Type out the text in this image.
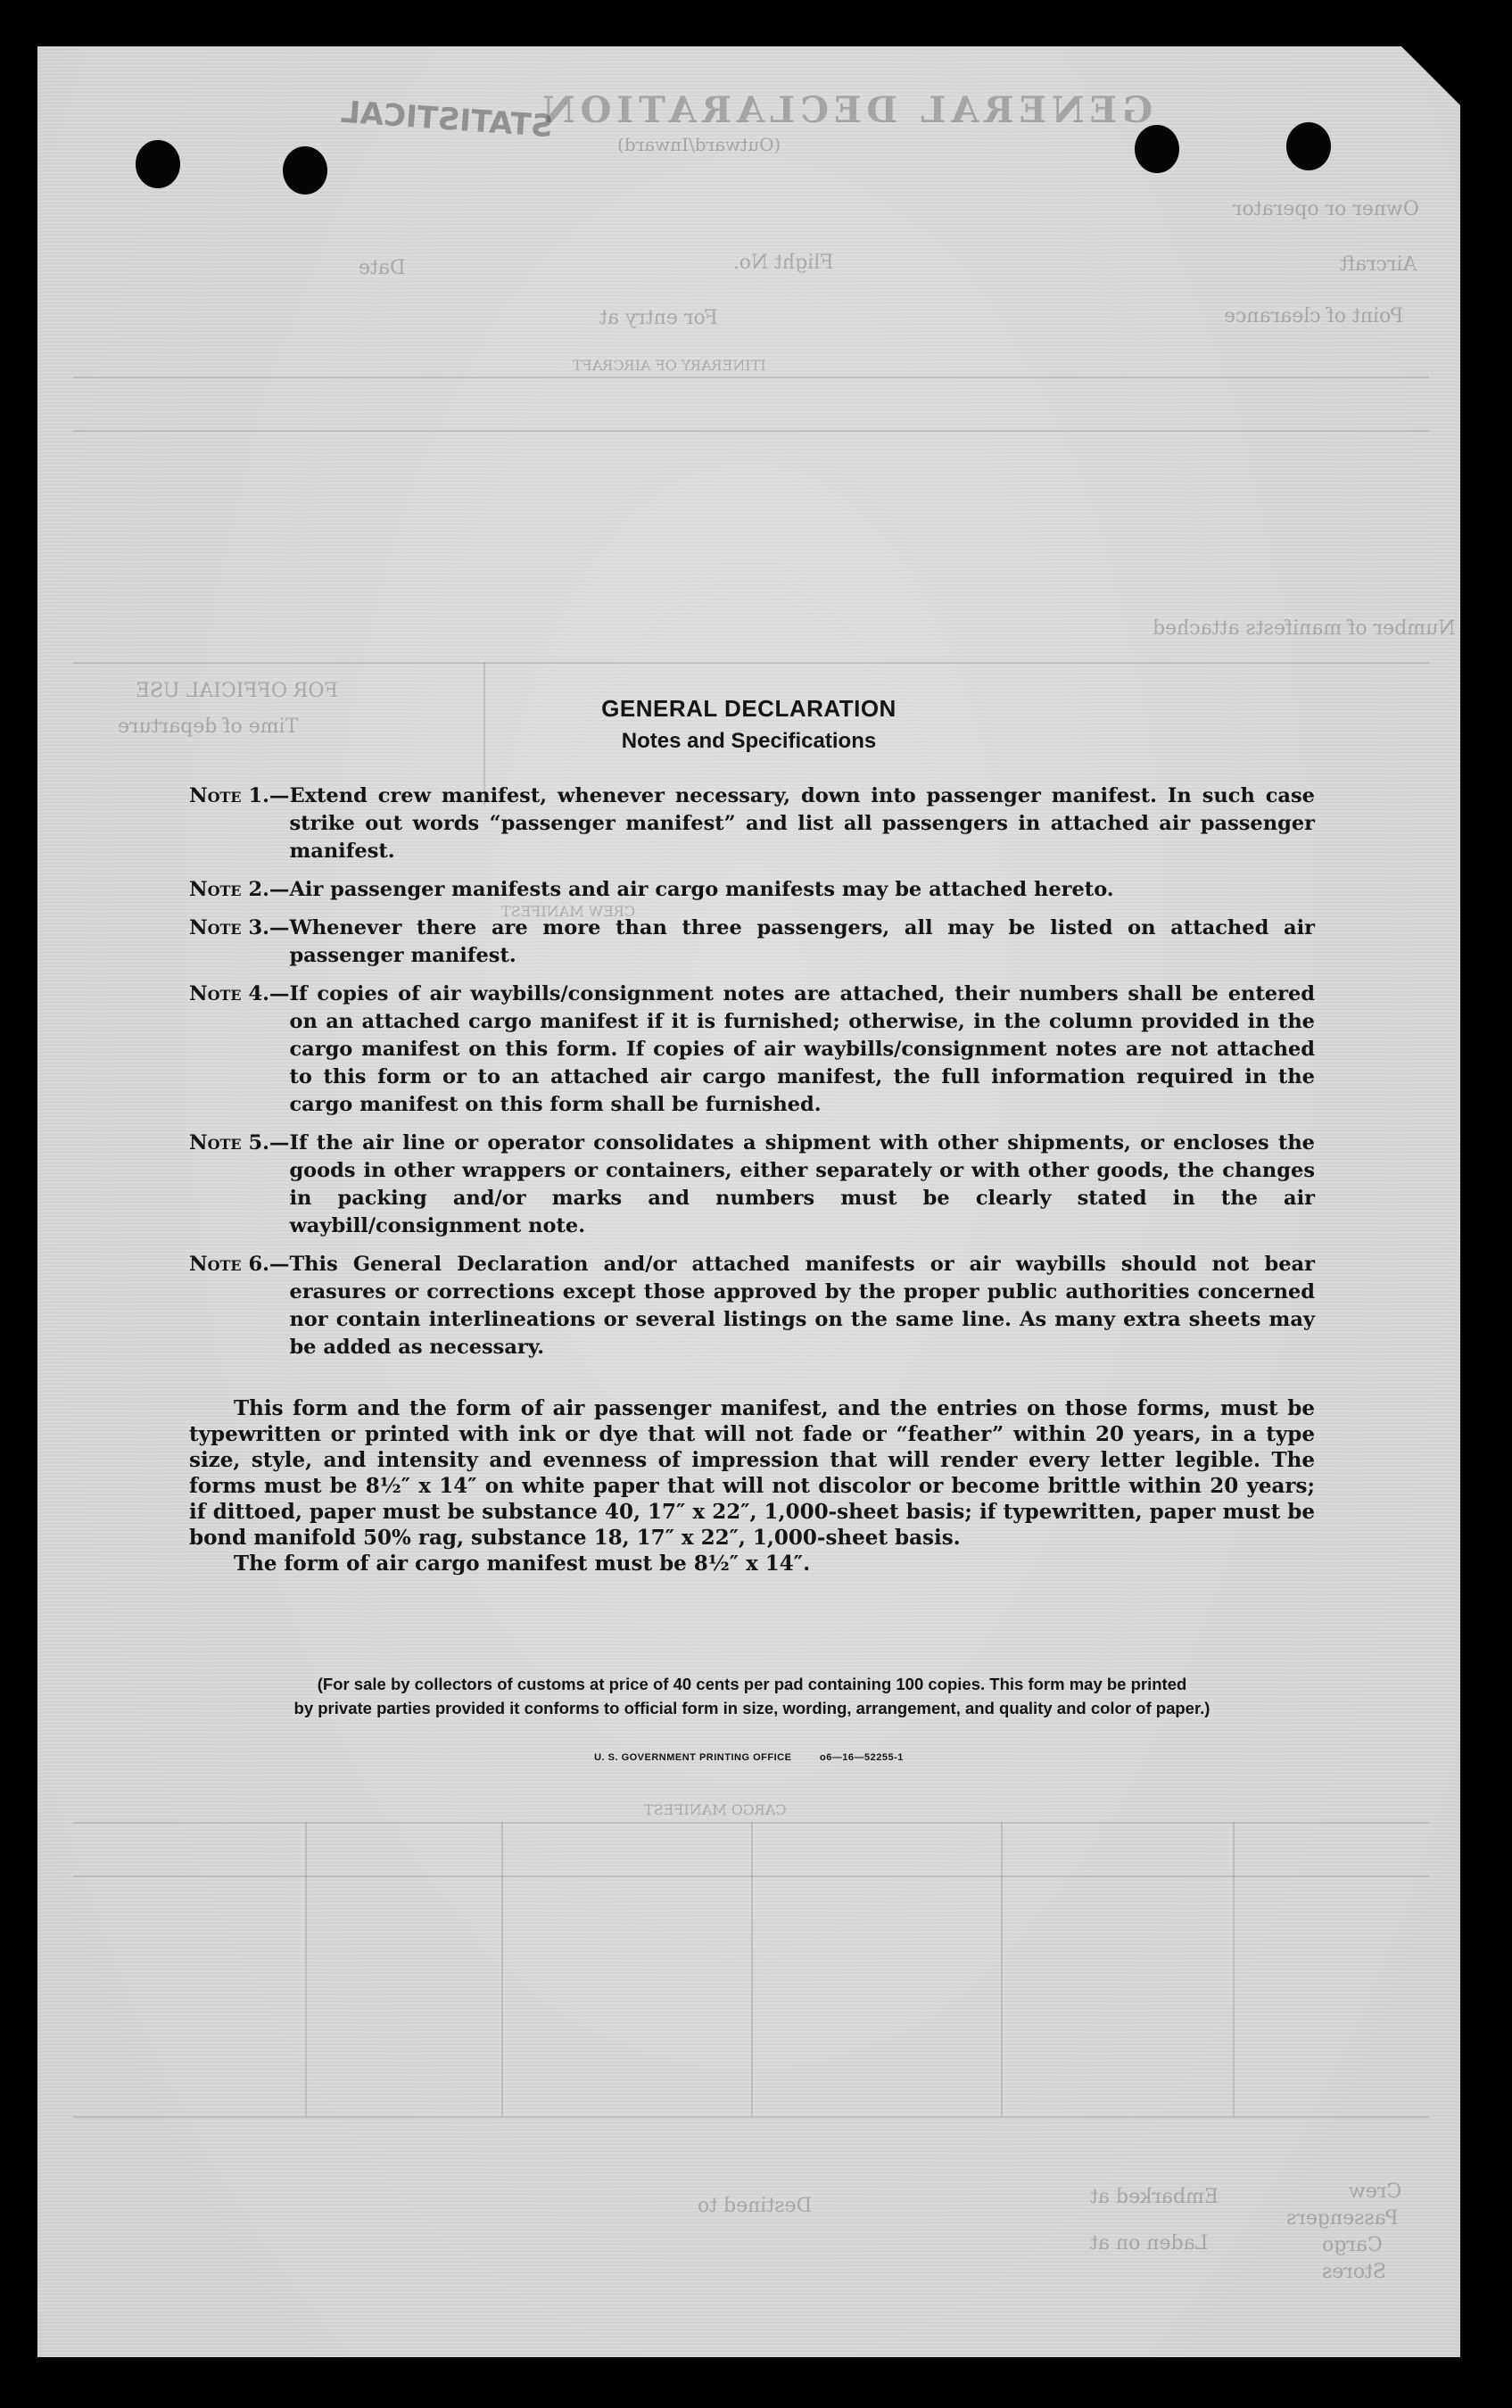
GENERAL DECLARATION
(Outward/Inward)
STATISTICAL
Owner or operator
Aircraft
Flight No.
Date
Point of clearance
For entry at
ITINERARY OF AIRCRAFT
Number of manifests attached
FOR OFFICIAL USE
Time of departure
CREW MANIFEST
CARGO MANIFEST
Crew
Passengers
Cargo
Stores
Embarked at
Destined to
Laden on at
GENERAL DECLARATION
Notes and Specifications
Note 1.— Extend crew manifest, whenever necessary, down into passenger manifest. In such case strike out words “passenger manifest” and list all passengers in attached air passenger manifest.
Note 2.— Air passenger manifests and air cargo manifests may be attached hereto.
Note 3.— Whenever there are more than three passengers, all may be listed on attached air passenger manifest.
Note 4.— If copies of air waybills/consignment notes are attached, their numbers shall be entered on an attached cargo manifest if it is furnished; otherwise, in the column provided in the cargo manifest on this form. If copies of air waybills/consignment notes are not attached to this form or to an attached air cargo manifest, the full information required in the cargo manifest on this form shall be furnished.
Note 5.— If the air line or operator consolidates a shipment with other shipments, or encloses the goods in other wrappers or containers, either separately or with other goods, the changes in packing and/or marks and numbers must be clearly stated in the air waybill/consignment note.
Note 6.— This General Declaration and/or attached manifests or air waybills should not bear erasures or corrections except those approved by the proper public authorities concerned nor contain interlineations or several listings on the same line. As many extra sheets may be added as necessary.

This form and the form of air passenger manifest, and the entries on those forms, must be typewritten or printed with ink or dye that will not fade or “feather” within 20 years, in a type size, style, and intensity and evenness of impression that will render every letter legible. The forms must be 8½″ x 14″ on white paper that will not discolor or become brittle within 20 years; if dittoed, paper must be substance 40, 17″ x 22″, 1,000-sheet basis; if typewritten, paper must be bond manifold 50% rag, substance 18, 17″ x 22″, 1,000-sheet basis.

The form of air cargo manifest must be 8½″ x 14″.

(For sale by collectors of customs at price of 40 cents per pad containing 100 copies. This form may be printed
by private parties provided it conforms to official form in size, wording, arrangement, and quality and color of paper.)
U. S. GOVERNMENT PRINTING OFFICE	o6—16—52255-1
